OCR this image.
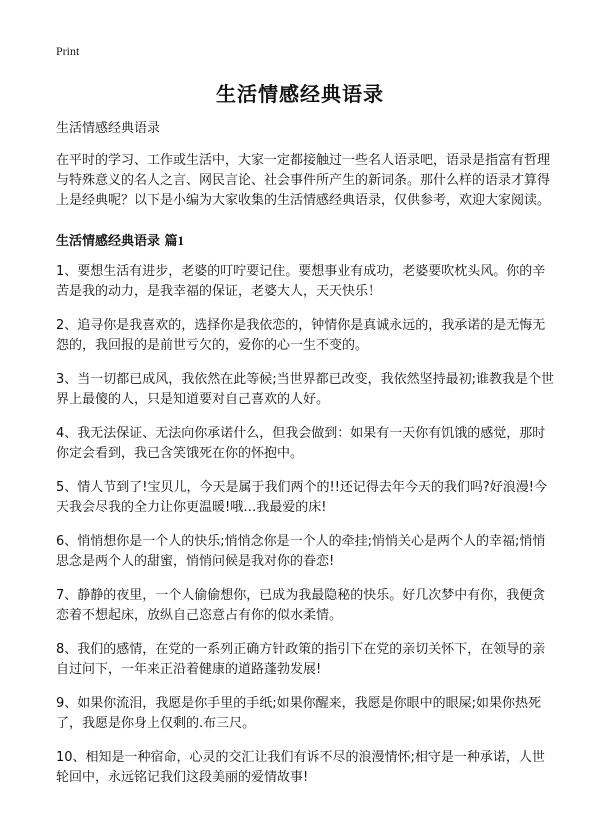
Print
生活情感经典语录

生活情感经典语录

在平时的学习、工作或生活中，大家一定都接触过一些名人语录吧，语录是指富有哲理与特殊意义的名人之言、网民言论、社会事件所产生的新词条。那什么样的语录才算得上是经典呢？以下是小编为大家收集的生活情感经典语录，仅供参考，欢迎大家阅读。

生活情感经典语录 篇1

1、要想生活有进步，老婆的叮咛要记住。要想事业有成功，老婆要吹枕头风。你的辛苦是我的动力，是我幸福的保证，老婆大人，天天快乐！

2、追寻你是我喜欢的，选择你是我依恋的，钟情你是真诚永远的，我承诺的是无悔无怨的，我回报的是前世亏欠的，爱你的心一生不变的。

3、当一切都已成风，我依然在此等候;当世界都已改变，我依然坚持最初;谁教我是个世界上最傻的人，只是知道要对自己喜欢的人好。

4、我无法保证、无法向你承诺什么，但我会做到：如果有一天你有饥饿的感觉，那时你定会看到，我已含笑饿死在你的怀抱中。

5、情人节到了!宝贝儿，今天是属于我们两个的!!还记得去年今天的我们吗?好浪漫!今天我会尽我的全力让你更温暖!哦…我最爱的床!

6、悄悄想你是一个人的快乐;悄悄念你是一个人的牵挂;悄悄关心是两个人的幸福;悄悄思念是两个人的甜蜜，悄悄问候是我对你的眷恋!

7、静静的夜里，一个人偷偷想你，已成为我最隐秘的快乐。好几次梦中有你，我便贪恋着不想起床，放纵自己恣意占有你的似水柔情。

8、我们的感情，在党的一系列正确方针政策的指引下在党的亲切关怀下，在领导的亲自过问下，一年来正沿着健康的道路蓬勃发展!

9、如果你流泪，我愿是你手里的手纸;如果你醒来，我愿是你眼中的眼屎;如果你热死了，我愿是你身上仅剩的.布三尺。

10、相知是一种宿命，心灵的交汇让我们有诉不尽的浪漫情怀;相守是一种承诺，人世轮回中，永远铭记我们这段美丽的爱情故事!
